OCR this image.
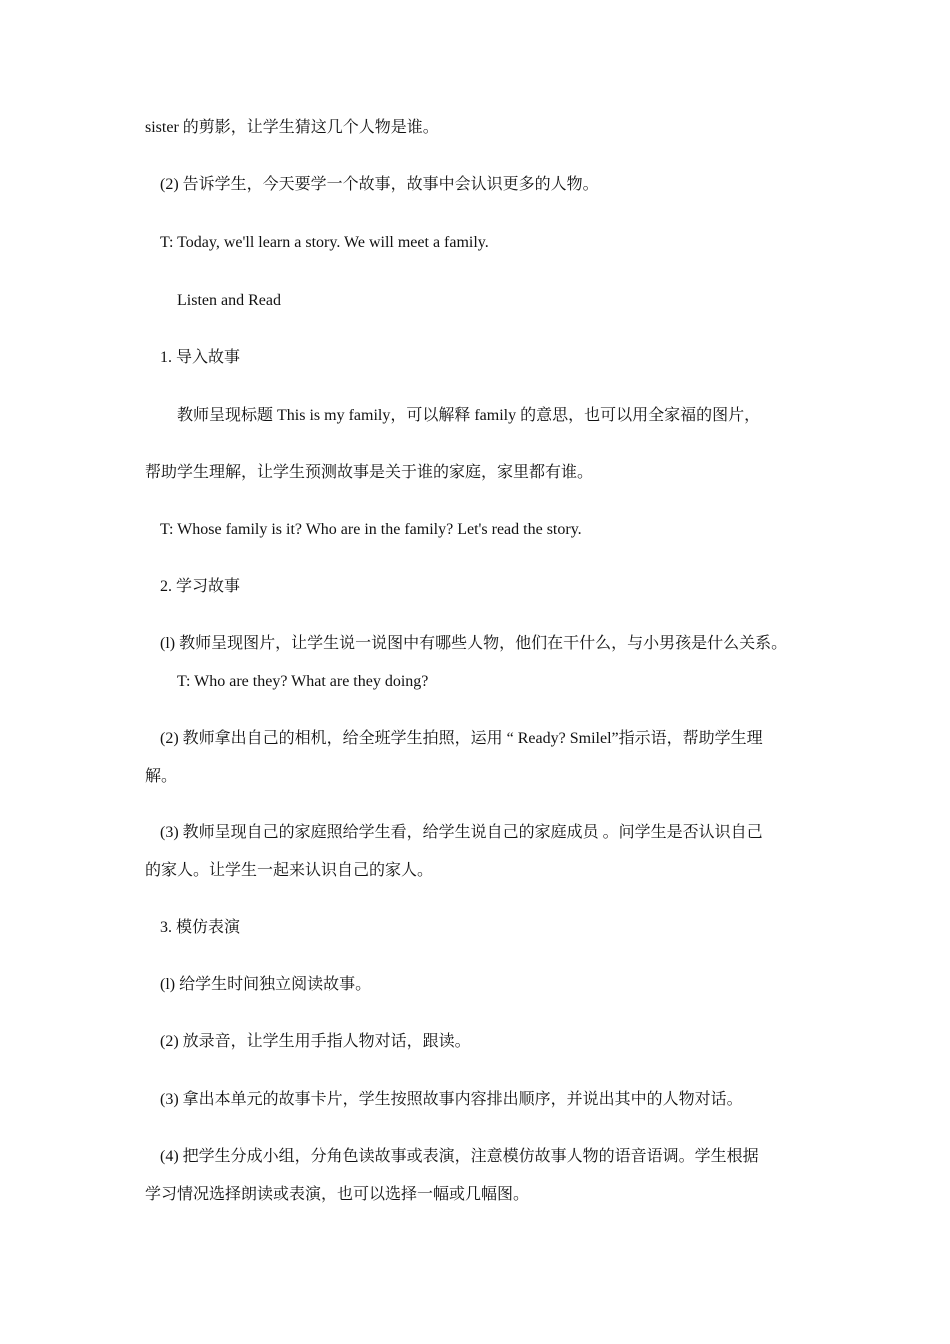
sister 的剪影，让学生猜这几个人物是谁。
(2) 告诉学生，今天要学一个故事，故事中会认识更多的人物。
T: Today, we'll learn a story. We will meet a family.
Listen and Read
1. 导入故事
教师呈现标题 This is my family，可以解释 family 的意思，也可以用全家福的图片，
帮助学生理解，让学生预测故事是关于谁的家庭，家里都有谁。
T: Whose family is it? Who are in the family? Let's read the story.
2. 学习故事
(l) 教师呈现图片，让学生说一说图中有哪些人物，他们在干什么，与小男孩是什么关系。
T: Who are they? What are they doing?
(2) 教师拿出自己的相机，给全班学生拍照，运用 “ Ready? Smilel”指示语，帮助学生理
解。
(3) 教师呈现自己的家庭照给学生看，给学生说自己的家庭成员 。问学生是否认识自己
的家人。让学生一起来认识自己的家人。
3. 模仿表演
(l) 给学生时间独立阅读故事。
(2) 放录音，让学生用手指人物对话，跟读。
(3) 拿出本单元的故事卡片，学生按照故事内容排出顺序，并说出其中的人物对话。
(4) 把学生分成小组，分角色读故事或表演，注意模仿故事人物的语音语调。学生根据
学习情况选择朗读或表演，也可以选择一幅或几幅图。
